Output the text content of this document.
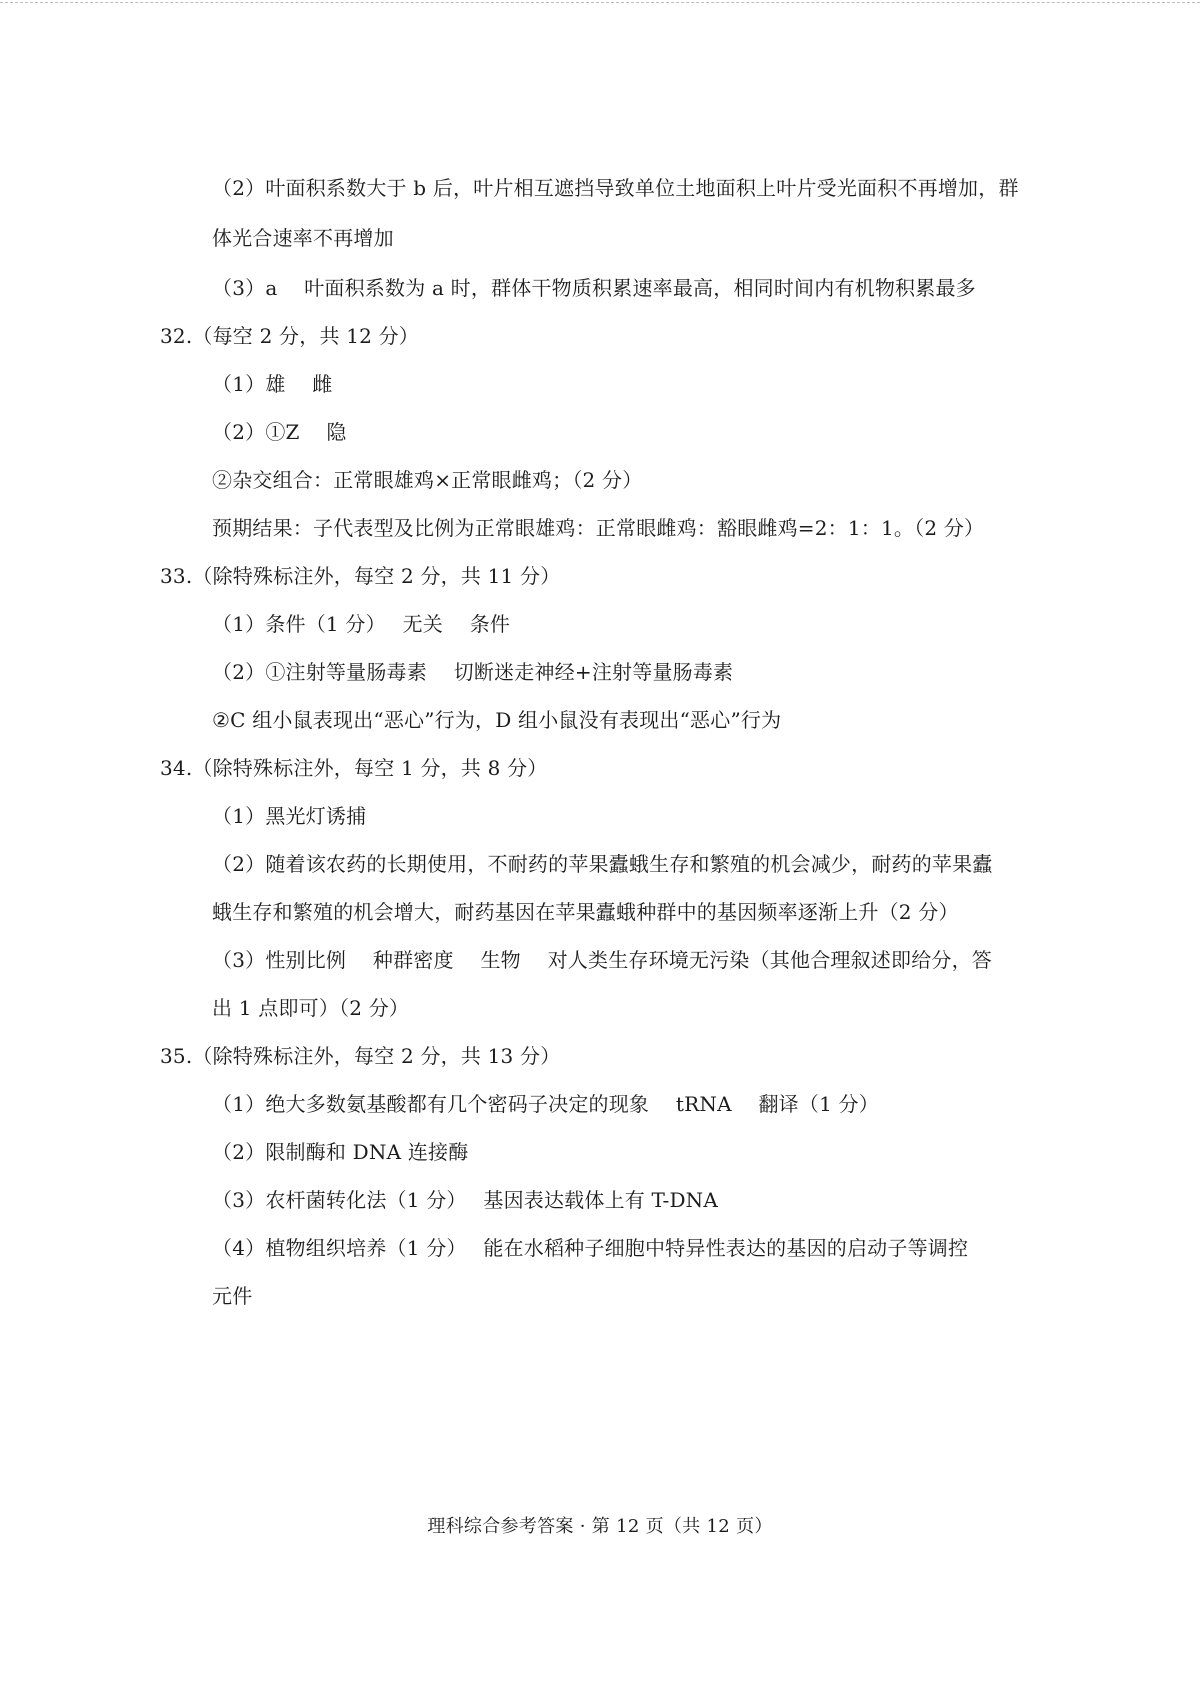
（2）叶面积系数大于 b 后，叶片相互遮挡导致单位土地面积上叶片受光面积不再增加，群
体光合速率不再增加
（3）a　 叶面积系数为 a 时，群体干物质积累速率最高，相同时间内有机物积累最多
32.（每空 2 分，共 12 分）
（1）雄　 雌
（2）①Z　 隐
②杂交组合：正常眼雄鸡×正常眼雌鸡；（2 分）
预期结果：子代表型及比例为正常眼雄鸡：正常眼雌鸡：豁眼雌鸡=2：1：1。（2 分）
33.（除特殊标注外，每空 2 分，共 11 分）
（1）条件（1 分）　 无关　 条件
（2）①注射等量肠毒素　 切断迷走神经+注射等量肠毒素
②C 组小鼠表现出“恶心”行为，D 组小鼠没有表现出“恶心”行为
34.（除特殊标注外，每空 1 分，共 8 分）
（1）黑光灯诱捕
（2）随着该农药的长期使用，不耐药的苹果蠹蛾生存和繁殖的机会减少，耐药的苹果蠹
蛾生存和繁殖的机会增大，耐药基因在苹果蠹蛾种群中的基因频率逐渐上升（2 分）
（3）性别比例　 种群密度　 生物　 对人类生存环境无污染（其他合理叙述即给分，答
出 1 点即可）（2 分）
35.（除特殊标注外，每空 2 分，共 13 分）
（1）绝大多数氨基酸都有几个密码子决定的现象　 tRNA　 翻译（1 分）
（2）限制酶和 DNA 连接酶
（3）农杆菌转化法（1 分）　 基因表达载体上有 T-DNA
（4）植物组织培养（1 分）　 能在水稻种子细胞中特异性表达的基因的启动子等调控
元件
理科综合参考答案 · 第 12 页（共 12 页）
